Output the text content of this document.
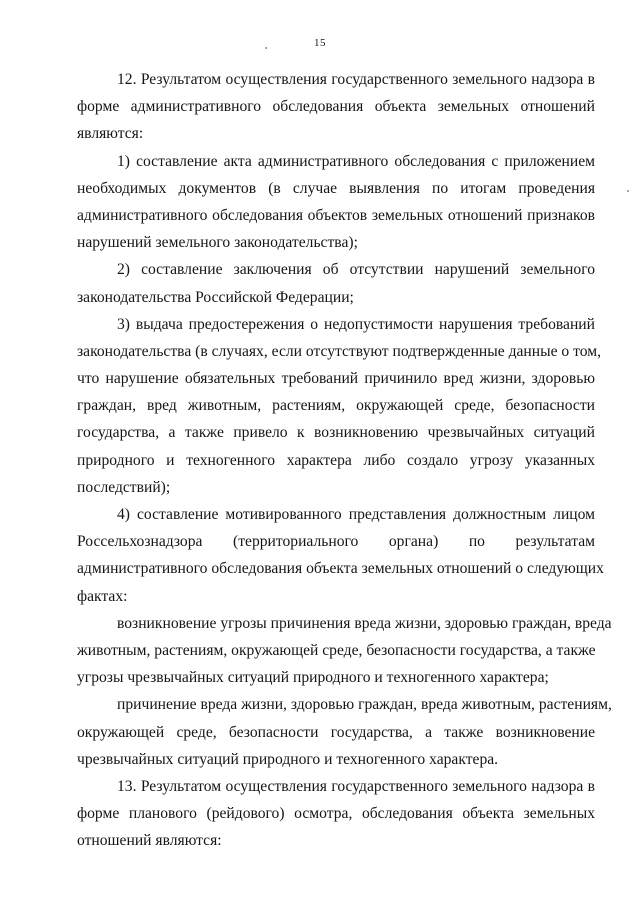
15
12. Результатом осуществления государственного земельного надзора в
форме административного обследования объекта земельных отношений
являются:
1) составление акта административного обследования с приложением
необходимых документов (в случае выявления по итогам проведения
административного обследования объектов земельных отношений признаков
нарушений земельного законодательства);
2) составление заключения об отсутствии нарушений земельного
законодательства Российской Федерации;
3) выдача предостережения о недопустимости нарушения требований
законодательства (в случаях, если отсутствуют подтвержденные данные о том,
что нарушение обязательных требований причинило вред жизни, здоровью
граждан, вред животным, растениям, окружающей среде, безопасности
государства, а также привело к возникновению чрезвычайных ситуаций
природного и техногенного характера либо создало угрозу указанных
последствий);
4) составление мотивированного представления должностным лицом
Россельхознадзора (территориального органа) по результатам
административного обследования объекта земельных отношений о следующих
фактах:
возникновение угрозы причинения вреда жизни, здоровью граждан, вреда
животным, растениям, окружающей среде, безопасности государства, а также
угрозы чрезвычайных ситуаций природного и техногенного характера;
причинение вреда жизни, здоровью граждан, вреда животным, растениям,
окружающей среде, безопасности государства, а также возникновение
чрезвычайных ситуаций природного и техногенного характера.
13. Результатом осуществления государственного земельного надзора в
форме планового (рейдового) осмотра, обследования объекта земельных
отношений являются:
